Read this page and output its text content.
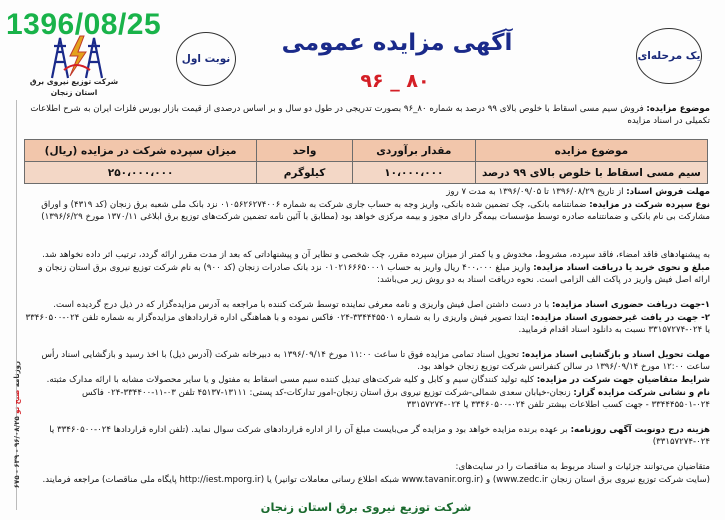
1396/08/25
شرکت توزیع نیروی برق
استان زنجان
نوبت اول	یک مرحله‌ای
آگهی مزایده عمومی
۸۰ _ ۹۶
موضوع مزایده: فروش سیم مسی اسقاط با خلوص بالای ۹۹ درصد به شماره ۸۰_۹۶ بصورت تدریجی در طول دو سال و بر اساس درصدی از قیمت بازار بورس فلزات ایران به شرح اطلاعات تکمیلی در اسناد مزایده
موضوع مزایده	مقدار برآوردی	واحد	میزان سپرده شرکت در مزایده (ریال)
سیم مسی اسقاط با خلوص بالای ۹۹ درصد	۱۰،۰۰۰،۰۰۰	کیلوگرم	۲۵۰،۰۰۰،۰۰۰
مهلت فروش اسناد: از تاریخ ۱۳۹۶/۰۸/۲۹ تا ۱۳۹۶/۰۹/۰۵ به مدت ۷ روز
نوع سپرده شرکت در مزایده: ضمانتنامه بانکی، چک تضمین شده بانکی، واریز وجه به حساب جاری شرکت به شماره ۰۱۰۵۶۲۶۲۷۴۰۰۶ نزد بانک ملی شعبه برق زنجان (کد ۴۳۱۹) و اوراق مشارکت بی نام بانکی و ضمانتنامه صادره توسط مؤسسات بیمه‌گر دارای مجوز و بیمه مرکزی خواهد بود (مطابق با آئین نامه تضمین شرکت‌های توزیع برق ابلاغی ۱۳۷۰/۱۱ مورخ ۱۳۹۶/۶/۲۹)
به پیشنهادهای فاقد امضاء، فاقد سپرده، مشروط، مخدوش و یا کمتر از میزان سپرده مقرر، چک شخصی و نظایر آن و پیشنهاداتی که بعد از مدت مقرر ارائه گردد، ترتیب اثر داده نخواهد شد.
مبلغ و نحوی خرید یا دریافت اسناد مزایده: واریز مبلغ ۴۰۰،۰۰۰ ریال واریز به حساب ۰۱۰۲۱۶۶۶۵۰۰۰۱ نزد بانک صادرات زنجان (کد ۹۰۰) به نام شرکت توزیع نیروی برق استان زنجان و ارائه اصل فیش واریز در پاکت الف الزامی است. نحوه دریافت اسناد به دو روش زیر می‌باشد:
۱-جهت دریافت حضوری اسناد مزایده: با در دست داشتن اصل فیش واریزی و نامه معرفی نماینده توسط شرکت کننده با مراجعه به آدرس مزایده‌گزار که در ذیل درج گردیده است.
۲- جهت در یافت غیرحضوری اسناد مزایده: ابتدا تصویر فیش واریزی را به شماره ۳۳۴۴۴۵۵۰۱-۰۲۴ فاکس نموده و با هماهنگی اداره قراردادهای مزایده‌گزار به شماره تلفن ۰۲۴-۳۳۴۶۰۵۰۰ یا ۰۲۴-۳۳۱۵۷۲۷۴ نسبت به دانلود اسناد اقدام فرمایید.
مهلت تحویل اسناد و بازگشایی اسناد مزایده: تحویل اسناد تمامی مزایده فوق تا ساعت ۱۱:۰۰ مورخ ۱۳۹۶/۰۹/۱۴ به دبیرخانه شرکت (آدرس ذیل) با اخذ رسید و بازگشایی اسناد رأس ساعت ۱۲:۰۰ مورخ ۱۳۹۶/۰۹/۱۴ در سالن کنفرانس شرکت توزیع زنجان خواهد بود.
شرایط متقاضیان جهت شرکت در مزایده: کلیه تولید کنندگان سیم و کابل و کلیه شرکت‌های تبدیل کننده سیم مسی اسقاط به مفتول و یا سایر محصولات مشابه با ارائه مدارک مثبته.
نام و نشانی شرکت مزایده گزار: زنجان-خیابان سعدی شمالی-شرکت توزیع نیروی برق استان زنجان-امور تدارکات-کد پستی: ۱۳۱۱۱-۴۵۱۳۷ تلفن ۰۳-۱۱-۳۳۴۴۰۰-۰۲۴ فاکس ۰۲۴-۳۳۴۴۴۵۵۰۱ - جهت کسب اطلاعات بیشتر تلفن ۰۲۴-۳۳۴۶۰۵۰۰ یا ۰۲۴-۳۳۱۵۷۲۷۴
هزینه درج دونوبت آگهی روزنامه: بر عهده برنده مزایده خواهد بود و مزایده گر می‌بایست مبلغ آن را از اداره قراردادهای شرکت سوال نماید. (تلفن اداره قراردادها ۰۲۴-۳۳۴۶۰۵۰۰ یا ۰۲۴-۳۳۱۵۷۲۷۴)
متقاضیان می‌توانند جزئیات و اسناد مربوط به مناقصات را در سایت‌های:
(سایت شرکت توزیع نیروی برق استان زنجان www.zedc.ir) و (www.tavanir.org.ir شبکه اطلاع رسانی معاملات توانیر) یا (http://iest.mporg.ir پایگاه ملی مناقصات) مراجعه فرمایند.
شرکت توزیع نیروی برق استان زنجان
روزنامه صبح نو ۹۶/۰۸/۲۵ - ۶۳۹ - ۶۷۵
